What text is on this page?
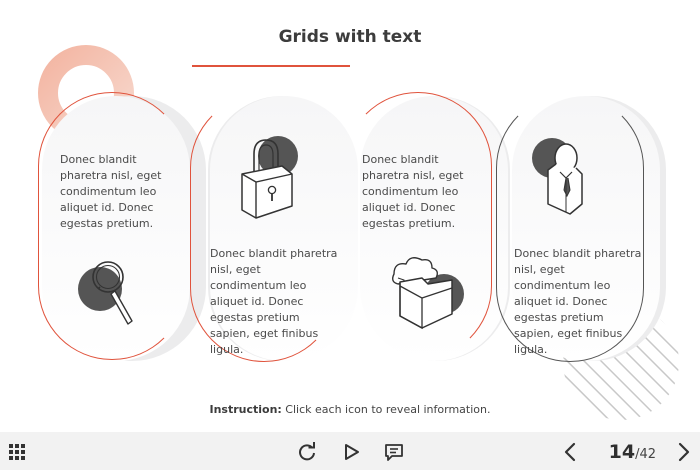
Grids with text
Donec blandit pharetra nisl, eget condimentum leo aliquet id. Donec egestas pretium.
Donec blandit pharetra nisl, eget condimentum leo aliquet id. Donec egestas pretium sapien, eget finibus ligula.
Donec blandit pharetra nisl, eget condimentum leo aliquet id. Donec egestas pretium.
Donec blandit pharetra nisl, eget condimentum leo aliquet id. Donec egestas pretium sapien, eget finibus ligula.
Instruction: Click each icon to reveal information.
14/42
